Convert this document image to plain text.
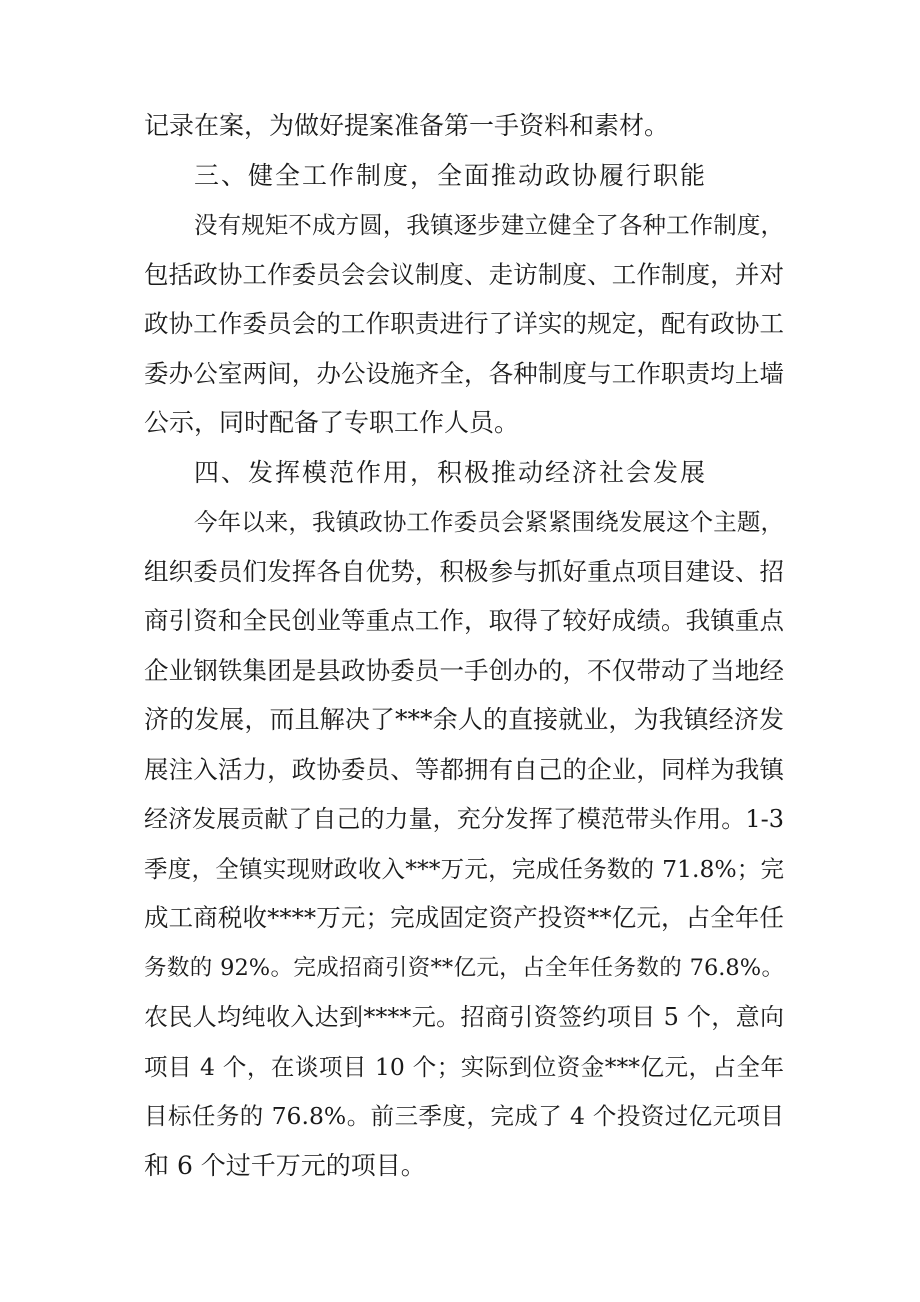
记录在案，为做好提案准备第一手资料和素材。
三、健全工作制度，全面推动政协履行职能
没有规矩不成方圆，我镇逐步建立健全了各种工作制度，
包括政协工作委员会会议制度、走访制度、工作制度，并对
政协工作委员会的工作职责进行了详实的规定，配有政协工
委办公室两间，办公设施齐全，各种制度与工作职责均上墙
公示，同时配备了专职工作人员。
四、发挥模范作用，积极推动经济社会发展
今年以来，我镇政协工作委员会紧紧围绕发展这个主题，
组织委员们发挥各自优势，积极参与抓好重点项目建设、招
商引资和全民创业等重点工作，取得了较好成绩。我镇重点
企业钢铁集团是县政协委员一手创办的，不仅带动了当地经
济的发展，而且解决了***余人的直接就业，为我镇经济发
展注入活力，政协委员、等都拥有自己的企业，同样为我镇
经济发展贡献了自己的力量，充分发挥了模范带头作用。1-3
季度，全镇实现财政收入***万元，完成任务数的 71.8%；完
成工商税收****万元；完成固定资产投资**亿元，占全年任
务数的 92%。完成招商引资**亿元，占全年任务数的 76.8%。
农民人均纯收入达到****元。招商引资签约项目 5 个，意向
项目 4 个，在谈项目 10 个；实际到位资金***亿元，占全年
目标任务的 76.8%。前三季度，完成了 4 个投资过亿元项目
和 6 个过千万元的项目。
